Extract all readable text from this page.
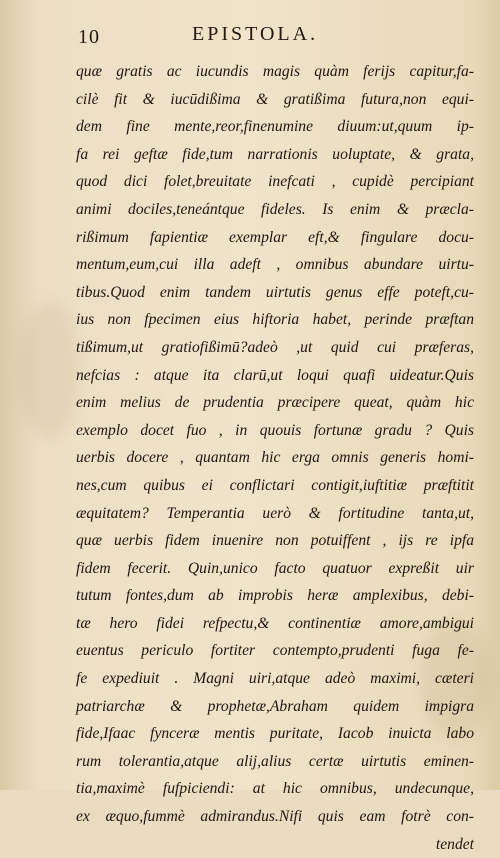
10	EPISTOLA.
quæ gratis ac iucundis magis quàm ferijs capitur,fa-
cilè fit & iucūdißima & gratißima futura,non equi-
dem fine mente,reor,finenumine diuum:ut,quum ip-
fa rei geftæ fide,tum narrationis uoluptate, & grata,
quod dici folet,breuitate inefcati , cupidè percipiant
animi dociles,teneántque fideles. Is enim & præcla-
rißimum fapientiæ exemplar eft,& fingulare docu-
mentum,eum,cui illa adeft , omnibus abundare uirtu-
tibus.Quod enim tandem uirtutis genus effe poteft,cu-
ius non fpecimen eius hiftoria habet, perinde præftan
tißimum,ut gratiofißimū?adeò ,ut quid cui præferas,
nefcias : atque ita clarū,ut loqui quafi uideatur.Quis
enim melius de prudentia præcipere queat, quàm hic
exemplo docet fuo , in quouis fortunæ gradu ? Quis
uerbis docere , quantam hic erga omnis generis homi-
nes,cum quibus ei conflictari contigit,iuftitiæ præftitit
æquitatem? Temperantia uerò & fortitudine tanta,ut,
quæ uerbis fidem inuenire non potuiffent , ijs re ipfa
fidem fecerit. Quin,unico facto quatuor expreßit uir
tutum fontes,dum ab improbis heræ amplexibus, debi-
tæ hero fidei refpectu,& continentiæ amore,ambigui
euentus periculo fortiter contempto,prudenti fuga fe-
fe expediuit . Magni uiri,atque adeò maximi, cæteri
patriarchæ & prophetæ,Abraham quidem impigra
fide,Ifaac fynceræ mentis puritate, Iacob inuicta labo
rum tolerantia,atque alij,alius certæ uirtutis eminen-
tia,maximè fufpiciendi: at hic omnibus, undecunque,
ex æquo,fummè admirandus.Nifi quis eam fotrè con-
tendet
